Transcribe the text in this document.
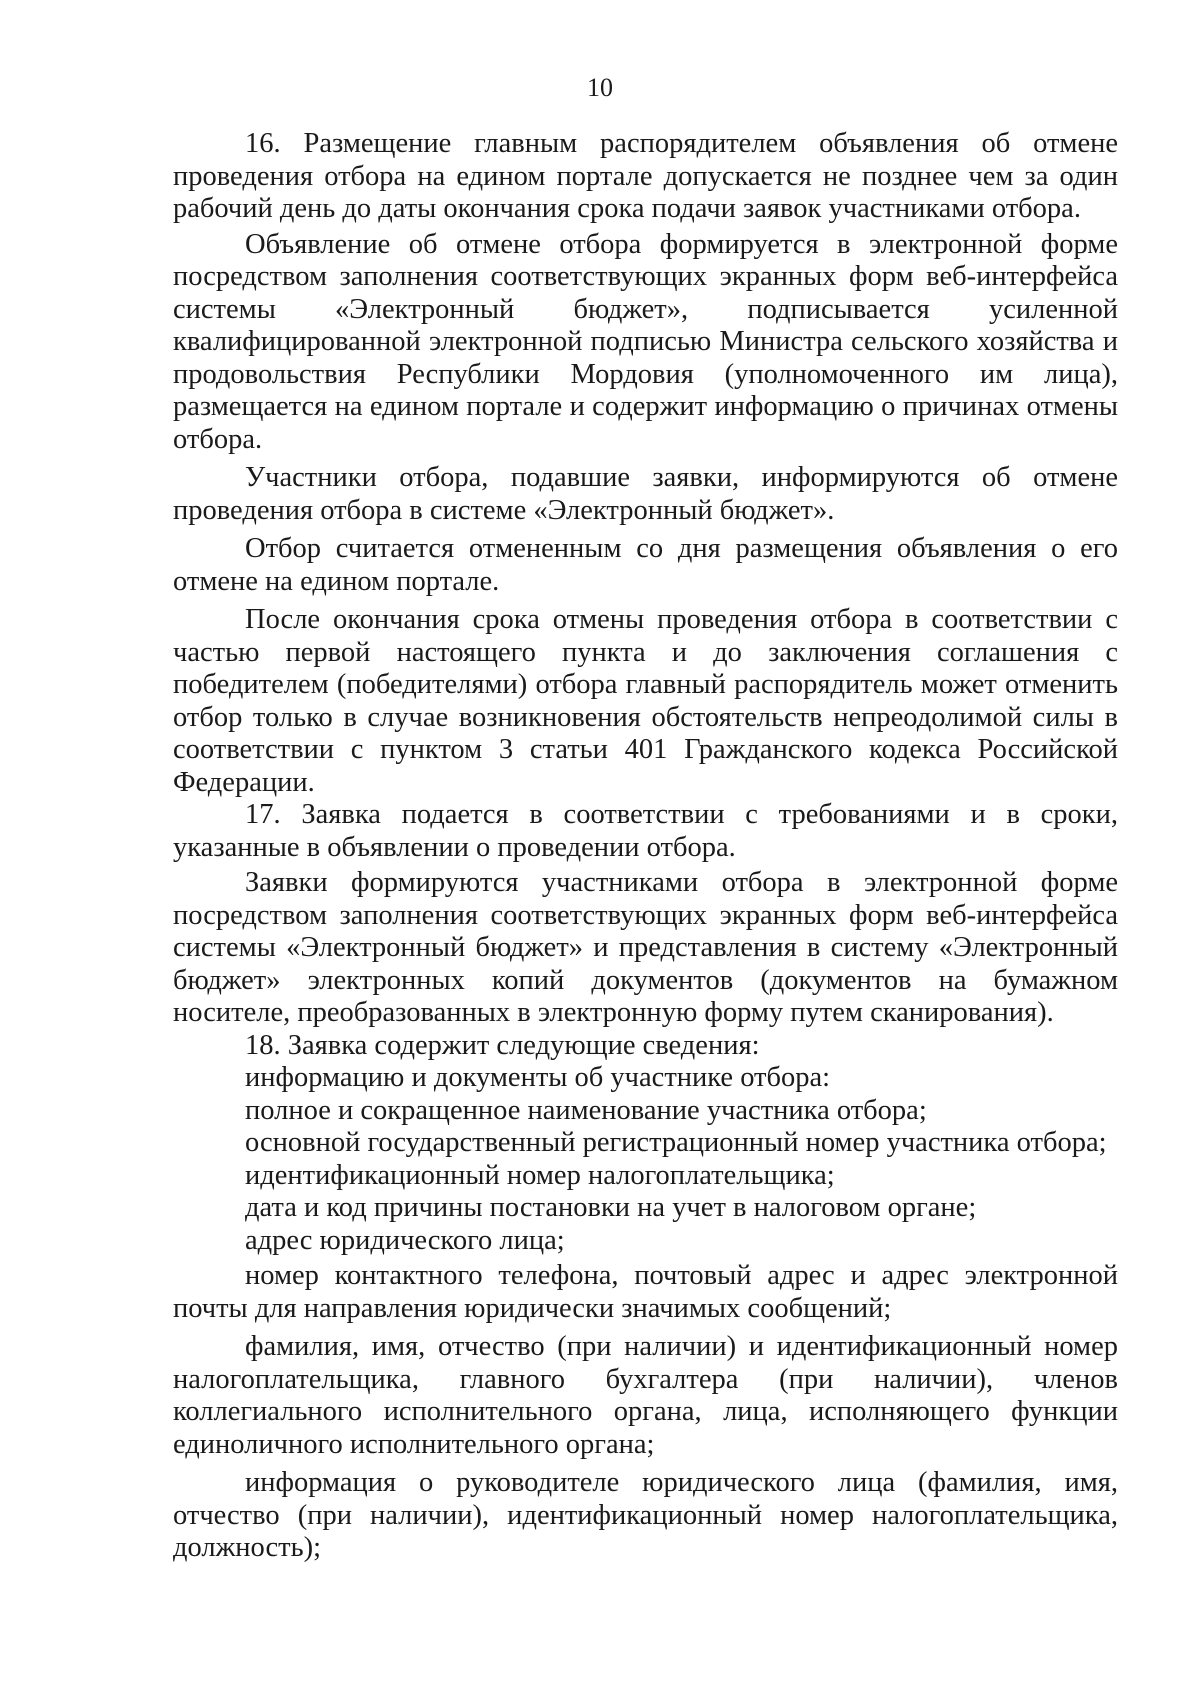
10

16. Размещение главным распорядителем объявления об отмене проведения отбора на едином портале допускается не позднее чем за один рабочий день до даты окончания срока подачи заявок участниками отбора.

Объявление об отмене отбора формируется в электронной форме посредством заполнения соответствующих экранных форм веб-интерфейса системы «Электронный бюджет», подписывается усиленной квалифицированной электронной подписью Министра сельского хозяйства и продовольствия Республики Мордовия (уполномоченного им лица), размещается на едином портале и содержит информацию о причинах отмены отбора.

Участники отбора, подавшие заявки, информируются об отмене проведения отбора в системе «Электронный бюджет».

Отбор считается отмененным со дня размещения объявления о его отмене на едином портале.

После окончания срока отмены проведения отбора в соответствии с частью первой настоящего пункта и до заключения соглашения с победителем (победителями) отбора главный распорядитель может отменить отбор только в случае возникновения обстоятельств непреодолимой силы в соответствии с пунктом 3 статьи 401 Гражданского кодекса Российской Федерации.

17. Заявка подается в соответствии с требованиями и в сроки, указанные в объявлении о проведении отбора.

Заявки формируются участниками отбора в электронной форме посредством заполнения соответствующих экранных форм веб-интерфейса системы «Электронный бюджет» и представления в систему «Электронный бюджет» электронных копий документов (документов на бумажном носителе, преобразованных в электронную форму путем сканирования).

18. Заявка содержит следующие сведения:

информацию и документы об участнике отбора:

полное и сокращенное наименование участника отбора;

основной государственный регистрационный номер участника отбора;

идентификационный номер налогоплательщика;

дата и код причины постановки на учет в налоговом органе;

адрес юридического лица;

номер контактного телефона, почтовый адрес и адрес электронной почты для направления юридически значимых сообщений;

фамилия, имя, отчество (при наличии) и идентификационный номер налогоплательщика, главного бухгалтера (при наличии), членов коллегиального исполнительного органа, лица, исполняющего функции единоличного исполнительного органа;

информация о руководителе юридического лица (фамилия, имя, отчество (при наличии), идентификационный номер налогоплательщика, должность);
